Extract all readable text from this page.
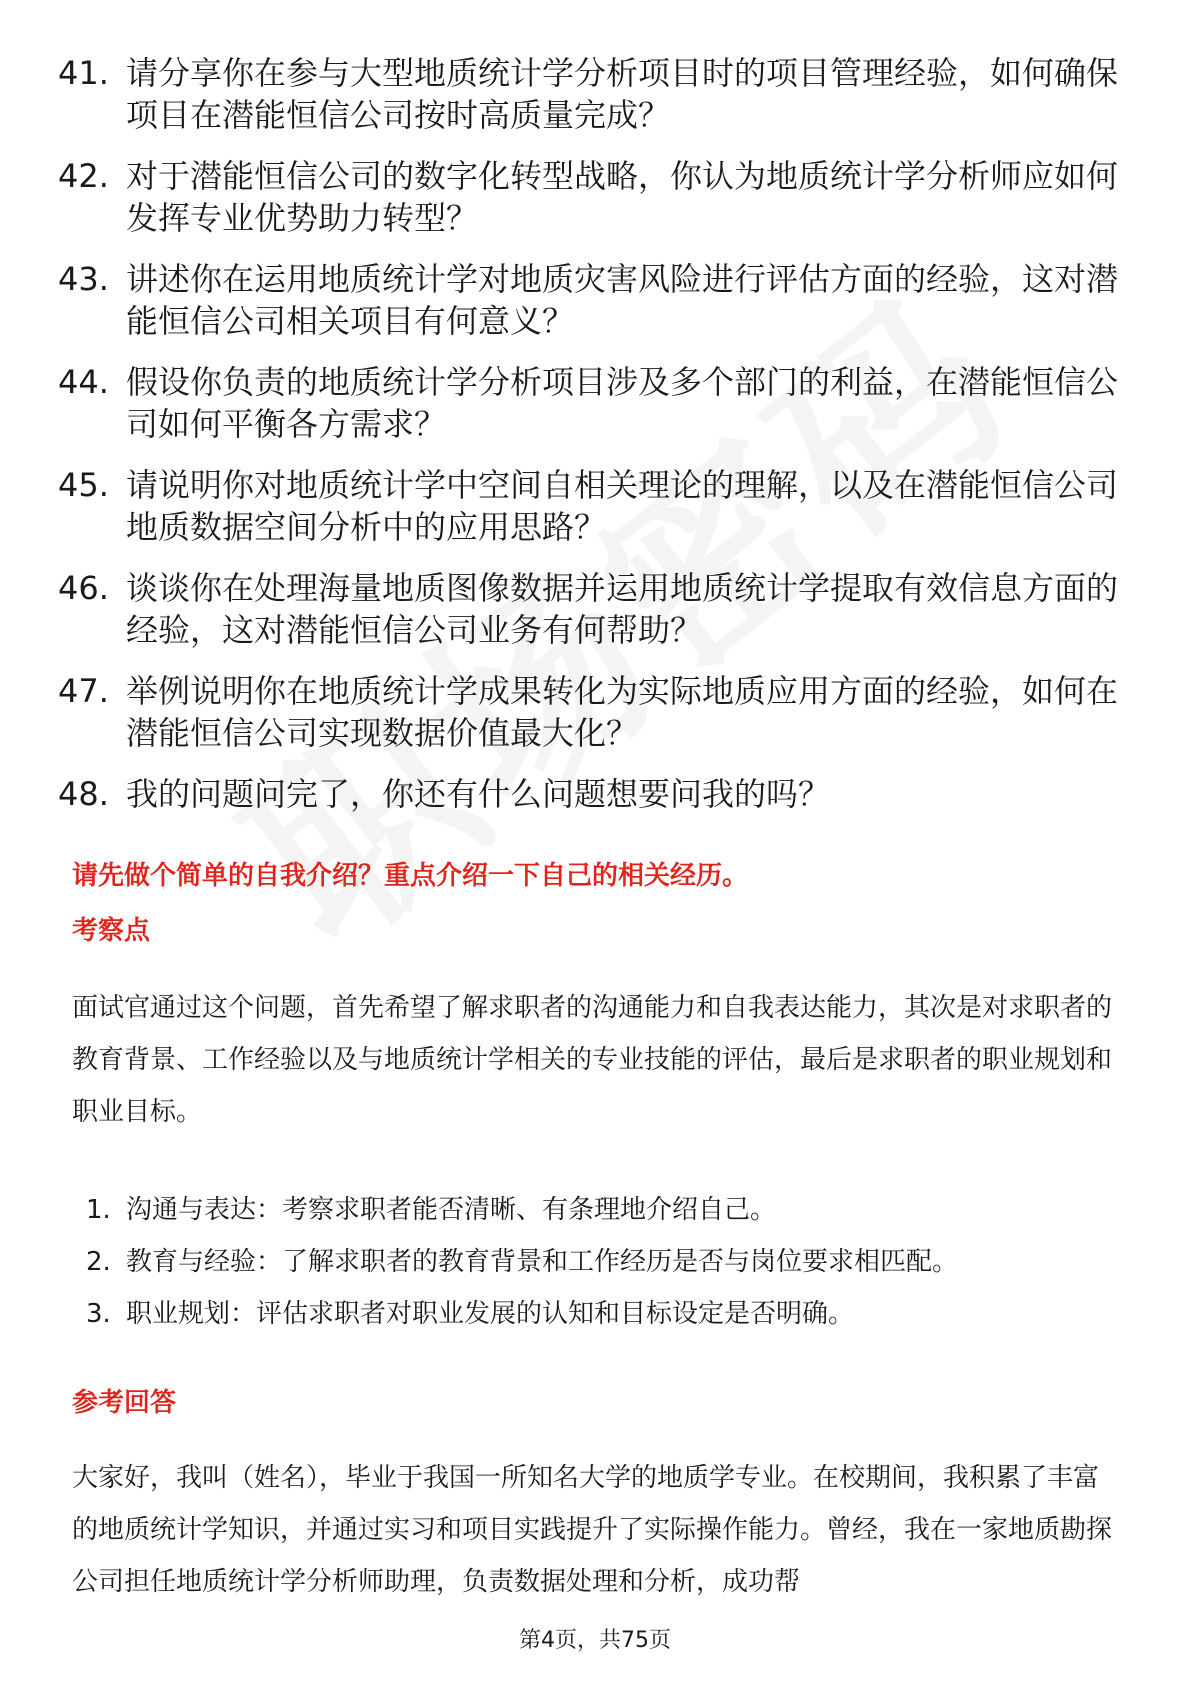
41. 请分享你在参与大型地质统计学分析项目时的项目管理经验，如何确保项目在潜能恒信公司按时高质量完成？
42. 对于潜能恒信公司的数字化转型战略，你认为地质统计学分析师应如何发挥专业优势助力转型？
43. 讲述你在运用地质统计学对地质灾害风险进行评估方面的经验，这对潜能恒信公司相关项目有何意义？
44. 假设你负责的地质统计学分析项目涉及多个部门的利益，在潜能恒信公司如何平衡各方需求？
45. 请说明你对地质统计学中空间自相关理论的理解，以及在潜能恒信公司地质数据空间分析中的应用思路？
46. 谈谈你在处理海量地质图像数据并运用地质统计学提取有效信息方面的经验，这对潜能恒信公司业务有何帮助？
47. 举例说明你在地质统计学成果转化为实际地质应用方面的经验，如何在潜能恒信公司实现数据价值最大化？
48. 我的问题问完了，你还有什么问题想要问我的吗？
请先做个简单的自我介绍？重点介绍一下自己的相关经历。
考察点

面试官通过这个问题，首先希望了解求职者的沟通能力和自我表达能力，其次是对求职者的教育背景、工作经验以及与地质统计学相关的专业技能的评估，最后是求职者的职业规划和职业目标。

1. 沟通与表达：考察求职者能否清晰、有条理地介绍自己。
2. 教育与经验：了解求职者的教育背景和工作经历是否与岗位要求相匹配。
3. 职业规划：评估求职者对职业发展的认知和目标设定是否明确。
参考回答

大家好，我叫（姓名），毕业于我国一所知名大学的地质学专业。在校期间，我积累了丰富的地质统计学知识，并通过实习和项目实践提升了实际操作能力。曾经，我在一家地质勘探公司担任地质统计学分析师助理，负责数据处理和分析，成功帮

第4页，共75页
